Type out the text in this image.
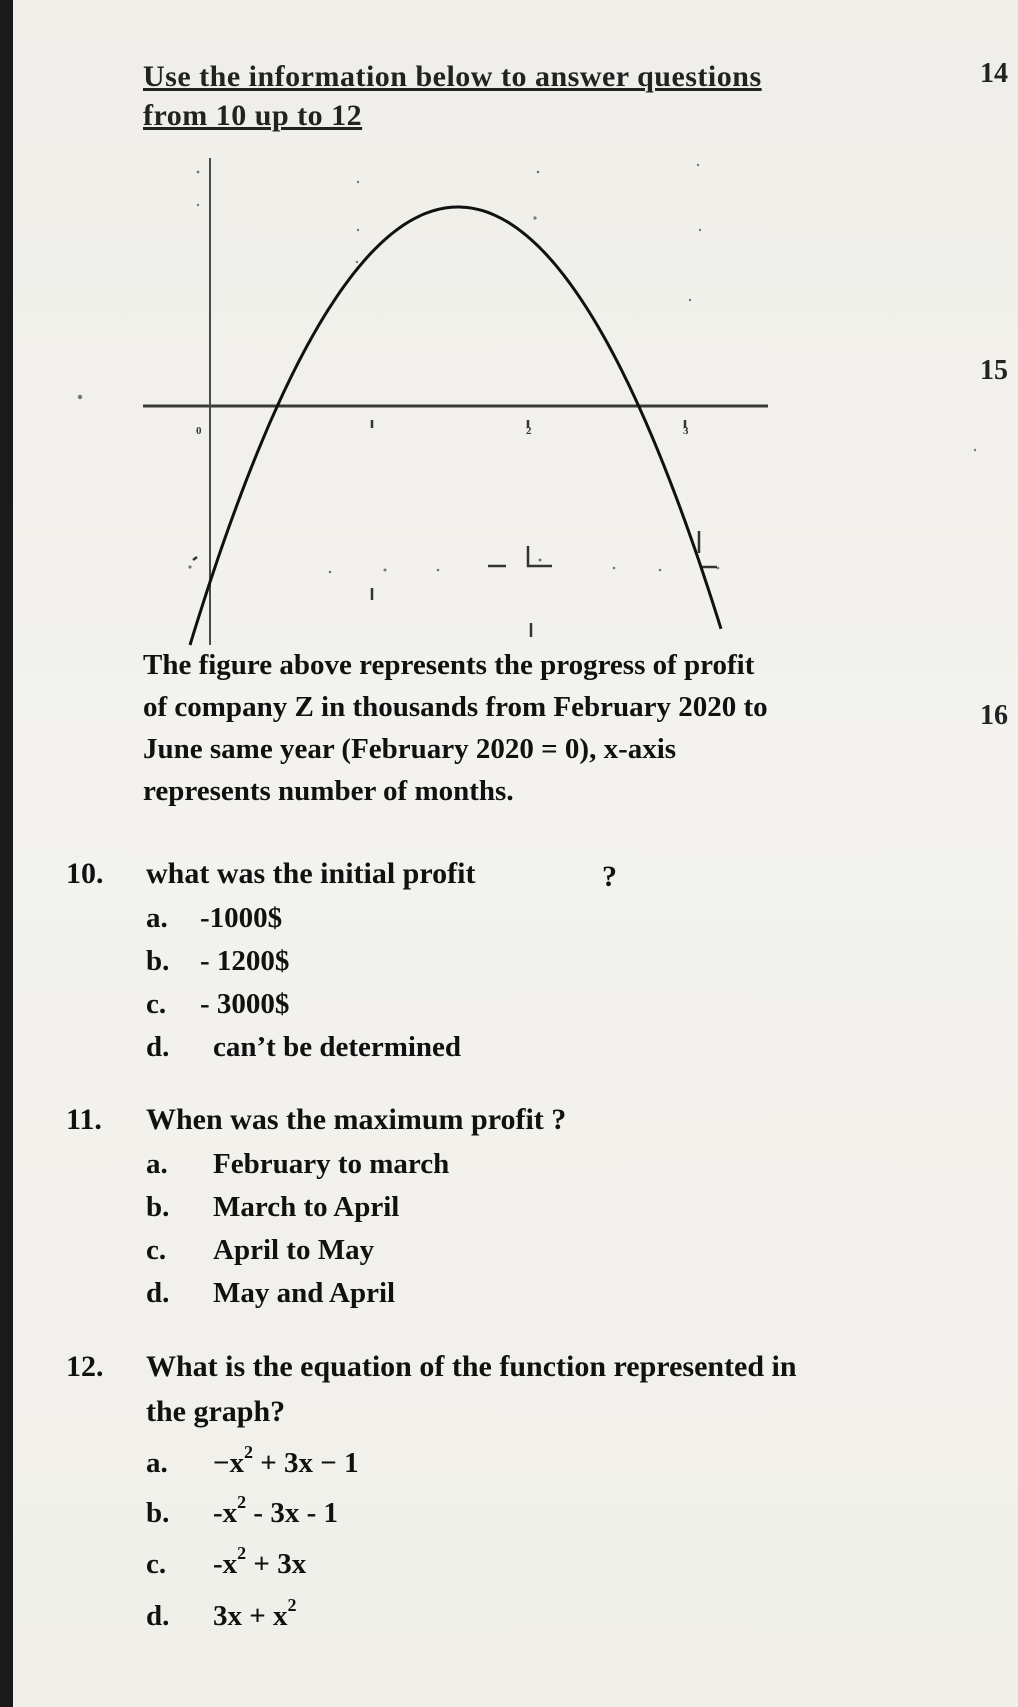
Use the information below to answer questions
from 10 up to 12
14
15
16
0	2	3
The figure above represents the progress of profit
of company Z in thousands from February 2020 to
June same year (February 2020 = 0), x-axis
represents number of months.
10. what was the initial profit	?
a. -1000$
b. - 1200$
c. - 3000$
d. can’t be determined
11. When was the maximum profit ?
a. February to march
b. March to April
c. April to May
d. May and April
12. What is the equation of the function represented in
the graph?
a. $-x^2 + 3x - 1$
b. $-x^2 - 3x - 1$
c. $-x^2 + 3x$
d. $3x + x^2$
